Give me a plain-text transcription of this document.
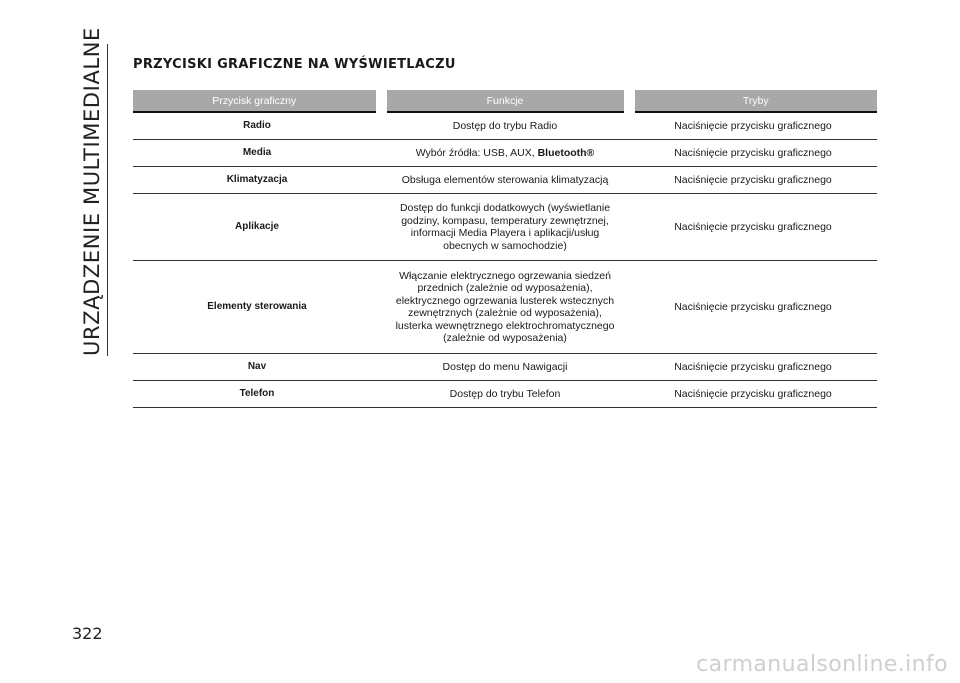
URZĄDZENIE MULTIMEDIALNE
322
PRZYCISKI GRAFICZNE NA WYŚWIETLACZU
Przycisk graficzny	Funkcje	Tryby
Radio	Dostęp do trybu Radio	Naciśnięcie przycisku graficznego
Media	Wybór źródła: USB, AUX, Bluetooth®	Naciśnięcie przycisku graficznego
Klimatyzacja	Obsługa elementów sterowania klimatyzacją	Naciśnięcie przycisku graficznego
Aplikacje	Dostęp do funkcji dodatkowych (wyświetlanie godziny, kompasu, temperatury zewnętrznej, informacji Media Playera i aplikacji/usług obecnych w samochodzie)	Naciśnięcie przycisku graficznego
Elementy sterowania	Włączanie elektrycznego ogrzewania siedzeń przednich (zależnie od wyposażenia), elektrycznego ogrzewania lusterek wstecznych zewnętrznych (zależnie od wyposażenia), lusterka wewnętrznego elektrochromatycznego (zależnie od wyposażenia)	Naciśnięcie przycisku graficznego
Nav	Dostęp do menu Nawigacji	Naciśnięcie przycisku graficznego
Telefon	Dostęp do trybu Telefon	Naciśnięcie przycisku graficznego
carmanualsonline.info
